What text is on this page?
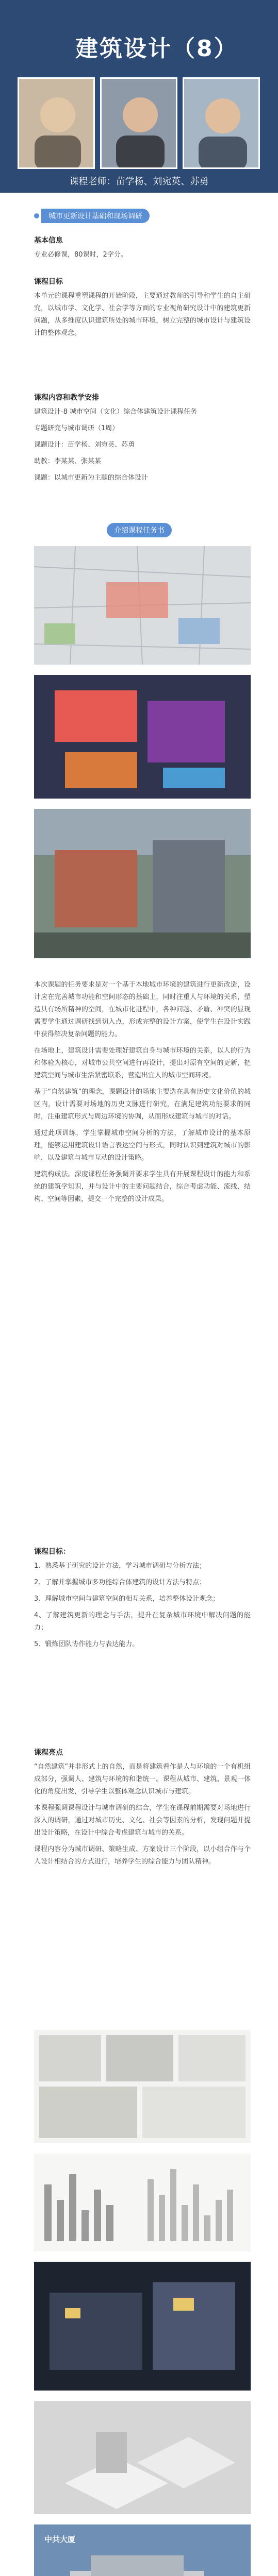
建筑设计（8）
课程老师：苗学杨、刘宛英、苏勇
城市更新设计基础和现场调研
基本信息

专业必修课，80课时，2学分。

课程目标

本单元的课程重塑课程的开始阶段，主要通过教师的引导和学生的自主研究，以城市学、文化学、社会学等方面的专业视角研究设计中的建筑更新问题，从多维度认识建筑所处的城市环境，树立完整的城市设计与建筑设计的整体观念。

课程内容和教学安排

建筑设计-8 城市空间（文化）综合体建筑设计课程任务

专题研究与城市调研（1周）

课题设计：苗学杨、刘宛英、苏勇

助教：李某某、张某某

课题：以城市更新为主题的综合体设计

介绍课程任务书

本次课题的任务要求是对一个基于本地城市环境的建筑进行更新改造，设计应在完善城市功能和空间形态的基础上，同时注重人与环境的关系，塑造具有场所精神的空间，在城市化进程中，各种问题、矛盾、冲突的显现需要学生通过调研找到切入点，形成完整的设计方案，使学生在设计实践中获得解决复杂问题的能力。

在场地上，建筑设计需要处理好建筑自身与城市环境的关系，以人的行为和体验为核心，对城市公共空间进行再设计，提出对原有空间的更新，把建筑空间与城市生活紧密联系，营造出宜人的城市空间环境。

基于“自然建筑”的理念，课题设计的场地主要选在具有历史文化价值的城区内，设计需要对场地的历史文脉进行研究，在满足建筑功能要求的同时，注重建筑形式与周边环境的协调，从而形成建筑与城市的对话。

通过此项训练，学生掌握城市空间分析的方法，了解城市设计的基本原理，能够运用建筑设计语言表达空间与形式，同时认识到建筑对城市的影响，以及建筑与城市互动的设计策略。

建筑构成法。深度课程任务强调并要求学生具有开展课程设计的能力和系统的建筑学知识，并与设计中的主要问题结合，综合考虑功能、流线、结构、空间等因素，提交一个完整的设计成果。

课程目标：

1、熟悉基于研究的设计方法，学习城市调研与分析方法；

2、了解并掌握城市多功能综合体建筑的设计方法与特点；

3、理解城市空间与建筑空间的相互关系，培养整体设计观念；

4、了解建筑更新的理念与手法，提升在复杂城市环境中解决问题的能力；

5、锻炼团队协作能力与表达能力。

课程亮点

“自然建筑”并非形式上的自然，而是将建筑看作是人与环境的一个有机组成部分，强调人、建筑与环境的和谐统一。课程从城市、建筑、景观一体化的角度出发，引导学生以整体观念认识城市与建筑。

本课程强调课程设计与城市调研的结合，学生在课程前期需要对场地进行深入的调研，通过对城市历史、文化、社会等因素的分析，发现问题并提出设计策略，在设计中综合考虑建筑与城市的关系。

课程内容分为城市调研、策略生成、方案设计三个阶段，以小组合作与个人设计相结合的方式进行，培养学生的综合能力与团队精神。

中共大厦
